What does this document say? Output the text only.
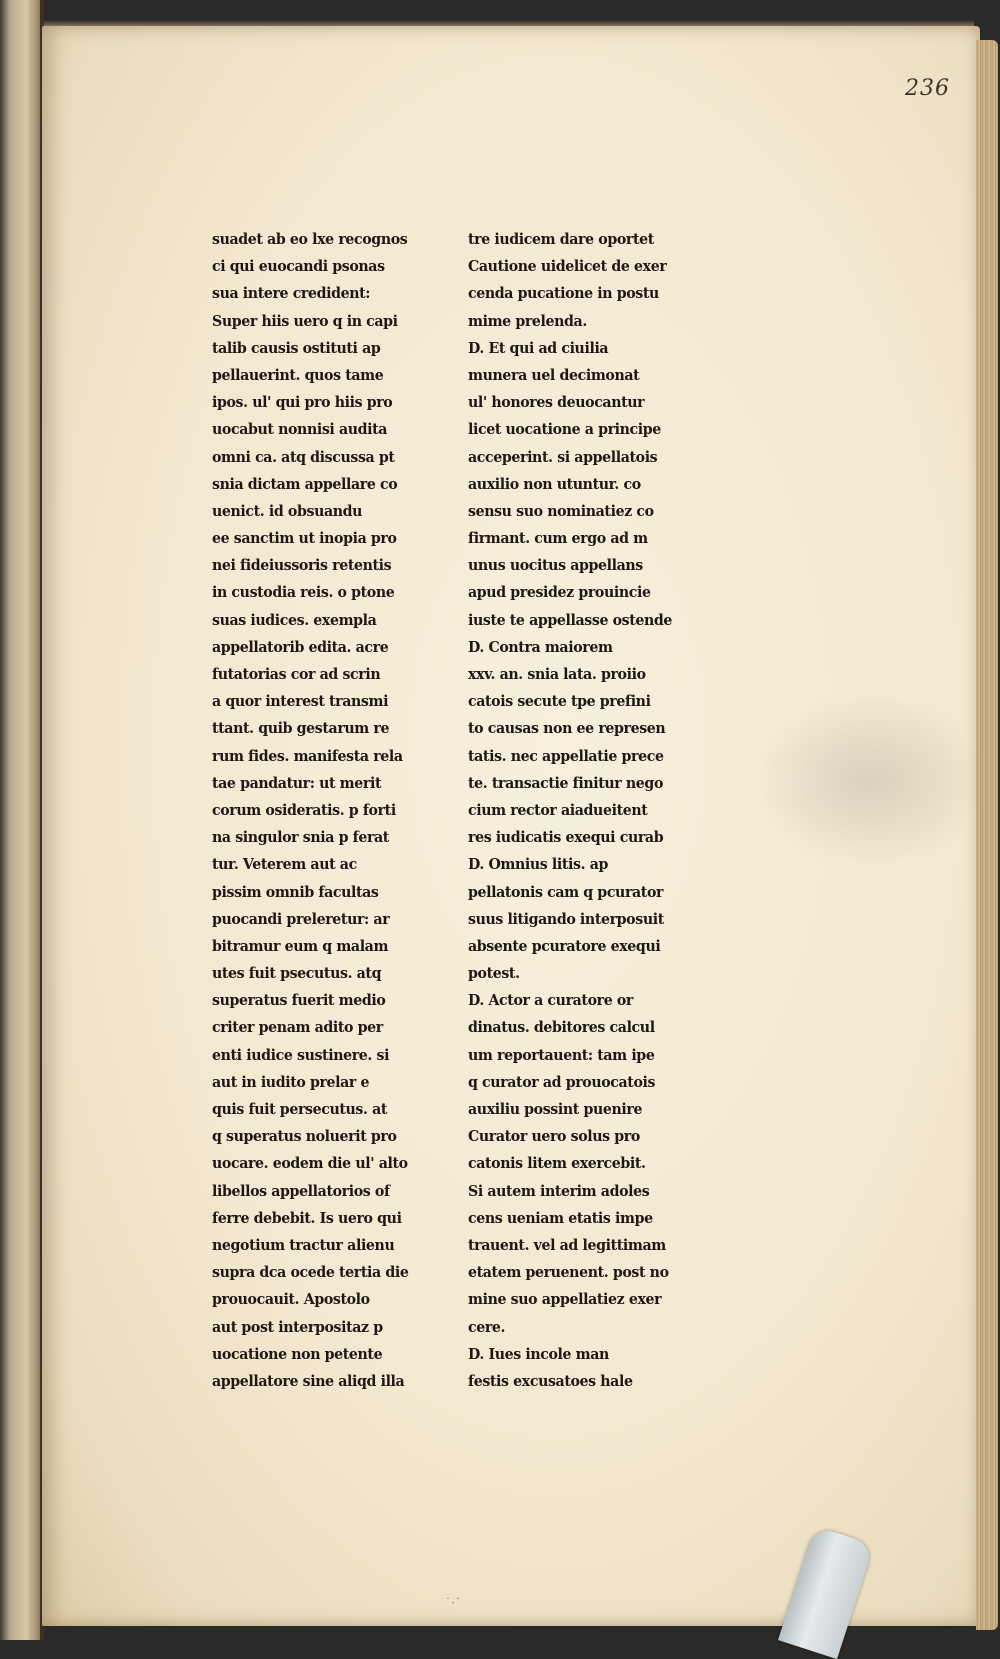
236
suadet ab eo lxe recognos
ci qui euocandi psonas
sua intere credident:
Super hiis uero q in capi
talib causis ostituti ap
pellauerint. quos tame
ipos. ul' qui pro hiis pro
uocabut nonnisi audita
omni ca. atq discussa pt
snia dictam appellare co
uenict. id obsuandu
ee sanctim ut inopia pro
nei fideiussoris retentis
in custodia reis. o ptone
suas iudices. exempla
appellatorib edita. acre
futatorias cor ad scrin
a quor interest transmi
ttant. quib gestarum re
rum fides. manifesta rela
tae pandatur: ut merit
corum osideratis. p forti
na singulor snia p ferat
tur. Veterem aut ac
pissim omnib facultas
puocandi preleretur: ar
bitramur eum q malam
utes fuit psecutus. atq
superatus fuerit medio
criter penam adito per
enti iudice sustinere. si
aut in iudito prelar e
quis fuit persecutus. at
q superatus noluerit pro
uocare. eodem die ul' alto
libellos appellatorios of
ferre debebit. Is uero qui
negotium tractur alienu
supra dca ocede tertia die
prouocauit. Apostolo
aut post interpositaz p
uocatione non petente
appellatore sine aliqd illa
tre iudicem dare oportet
Cautione uidelicet de exer
cenda pucatione in postu
mime prelenda.
D. Et qui ad ciuilia
munera uel decimonat
ul' honores deuocantur
licet uocatione a principe
acceperint. si appellatois
auxilio non utuntur. co
sensu suo nominatiez co
firmant. cum ergo ad m
unus uocitus appellans
apud presidez prouincie
iuste te appellasse ostende
D. Contra maiorem
xxv. an. snia lata. proiio
catois secute tpe prefini
to causas non ee represen
tatis. nec appellatie prece
te. transactie finitur nego
cium rector aiadueitent
res iudicatis exequi curab
D. Omnius litis. ap
pellatonis cam q pcurator
suus litigando interposuit
absente pcuratore exequi
potest.
D. Actor a curatore or
dinatus. debitores calcul
um reportauent: tam ipe
q curator ad prouocatois
auxiliu possint puenire
Curator uero solus pro
catonis litem exercebit.
Si autem interim adoles
cens ueniam etatis impe
trauent. vel ad legittimam
etatem peruenent. post no
mine suo appellatiez exer
cere.
D. Iues incole man
festis excusatoes hale
˙ˑ˙
